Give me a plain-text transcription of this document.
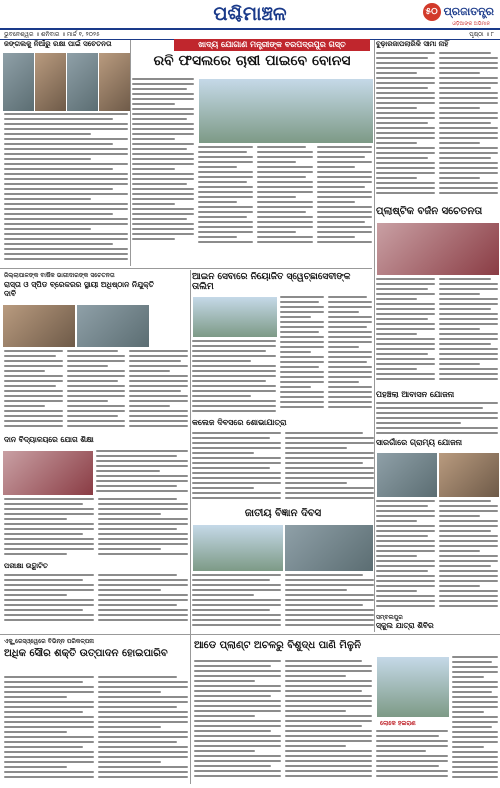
ପଶ୍ଚିମାଞ୍ଚଳ	୫୦ ପ୍ରଜାତନ୍ତ୍ର
ଓଡ଼ିଆଙ୍କ ଅଭିମାନ
ଭୁବନେଶ୍ୱର ॥ ଶନିବାର ॥ ମାର୍ଚ୍ଚ ୧, ୨୦୨୫	ପୃଷ୍ଠା ॥ ୮
ଜଙ୍ଗଲକୁ ନିଆଁରୁ ରକ୍ଷା ପାଇଁ ସଚେତନତା	ଖାଦ୍ୟ ଯୋଗାଣ ମନ୍ତ୍ରୀଙ୍କ ବରପଦ୍ରପୁର ଗସ୍ତ
ରବି ଫସଲରେ ଚାଷୀ ପାଇବେ ବୋନସ
ବୁଢ଼ାରଜାପଲାରିକି ସୀମା ନାହିଁ
ପ୍ଲାଷ୍ଟିକ ବର୍ଜନ ସଚେତନତା
ଜିଲ୍ଲାପାଳଙ୍କ ବାର୍ଷିକ ଭାଗୀଦାରଙ୍କ ସଚେତନତା
ରାସ୍ତା ଓ ସ୍ପିଡ ବ୍ରେକରର ସ୍ଥାୟୀ ଅଧିଷ୍ଠାନ ନିଯୁକ୍ତି ଦାବି
ଆଇନ ସେବାରେ ନିୟୋଜିତ ସ୍ୱେଚ୍ଛାସେବୀଙ୍କ ତାଲିମ
ପହଞ୍ଚଲା ଆବାସନ ଯୋଜନା
କଲେଜ ଦିବସରେ ଶୋଭାଯାତ୍ରା
ସାରଗାଁରେ ଗ୍ରାମ୍ୟ ଯୋଜନା
ଦାନ ବିଦ୍ୟାଳୟରେ ଯୋଗ ଶିକ୍ଷା
ଜାତୀୟ ବିଜ୍ଞାନ ଦିବସ
ପରୀକ୍ଷା ଉଦ୍ଘାଟିତ
ସମ୍ବଲପୁର
ସ୍କୁଲ ଯାତ୍ରା ଶିବିର
ଏକ୍ସ୍ପ୍ରେସ୍ଓ୍ୱେରେ ବିଭିନ୍ନ ପରିକଳ୍ପନା
ଅଧିକ ସୌର ଶକ୍ତି ଉତ୍ପାଦନ ହୋଇପାରିବ
ଆଡେ ପ୍ଲାଣ୍ଟ ଅଚଳରୁ ବିଶୁଦ୍ଧ ପାଣି ମିଳୁନି
ଲୋକେ ହଇରାଣ
